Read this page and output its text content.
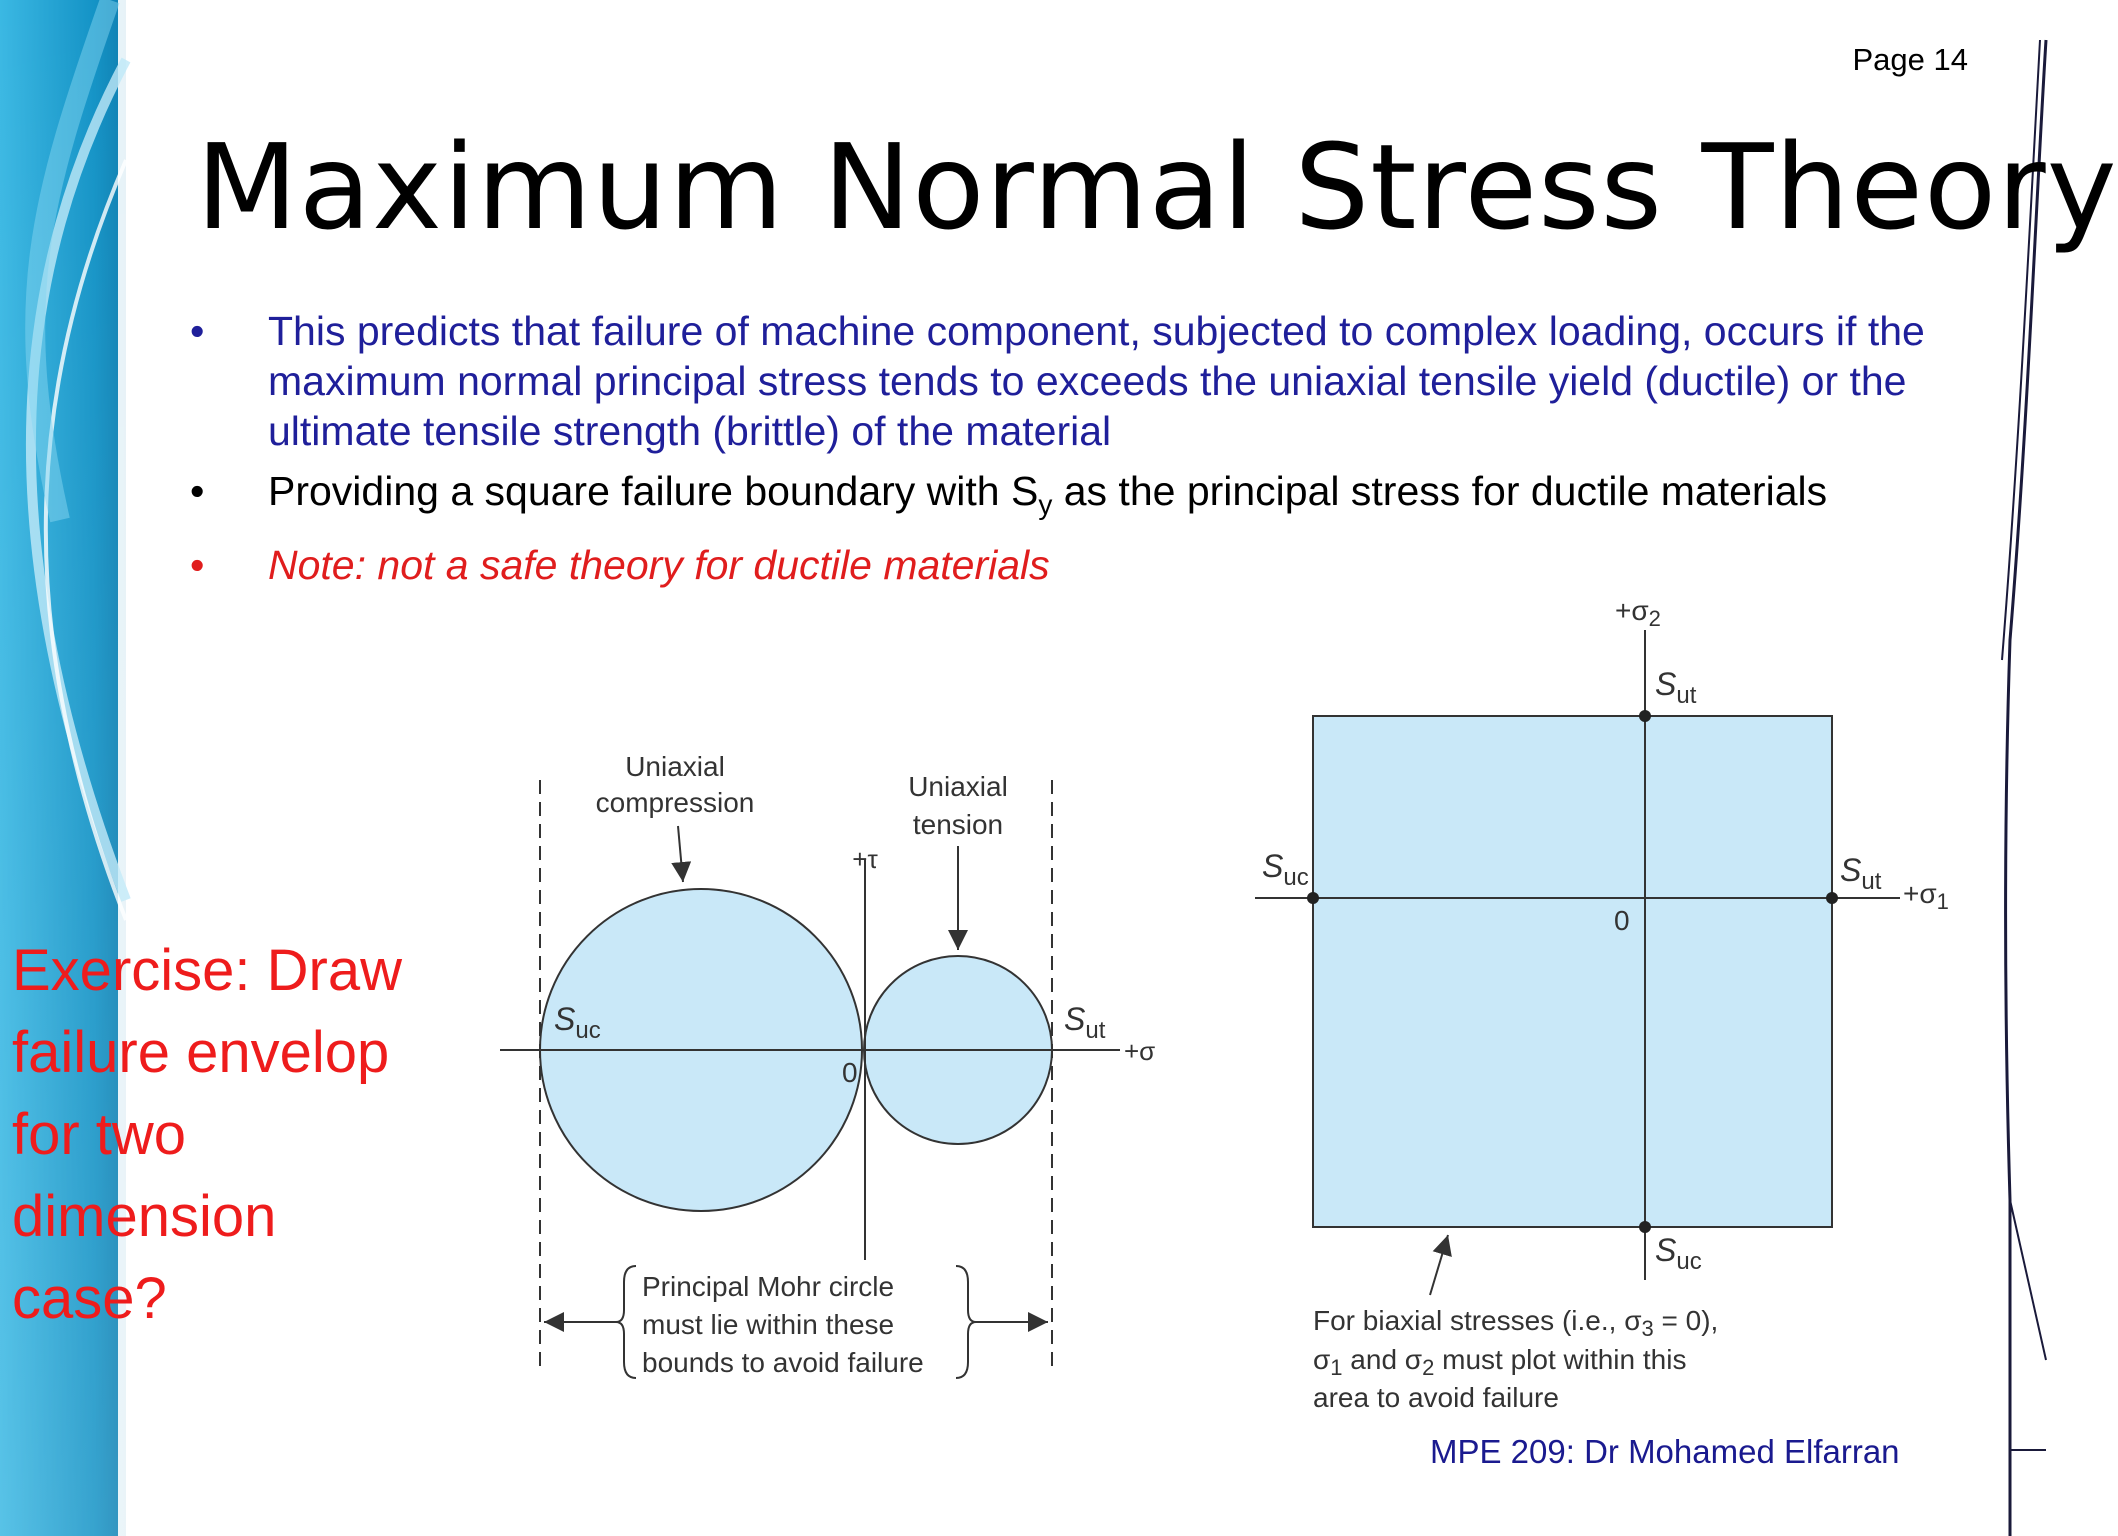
Page 14
Maximum Normal Stress Theory
• This predicts that failure of machine component, subjected to complex loading, occurs if the maximum normal principal stress tends to exceeds the uniaxial tensile yield (ductile) or the ultimate tensile strength (brittle) of the material
• Providing a square failure boundary with $S_y$ as the principal stress for ductile materials
• Note: not a safe theory for ductile materials
Exercise: Draw
failure envelop
for two
dimension
case?
Uniaxial
compression
Uniaxial
tension
+τ
+σ
$S_{uc}$	$S_{ut}$
0
Principal Mohr circle
must lie within these
bounds to avoid failure
$+\sigma_2$
$+\sigma_1$
$S_{ut}$
$S_{ut}$
$S_{uc}$
$S_{uc}$
0
For biaxial stresses (i.e., $\sigma_3 = 0$),
$\sigma_1$ and $\sigma_2$ must plot within this
area to avoid failure
MPE 209: Dr Mohamed Elfarran
